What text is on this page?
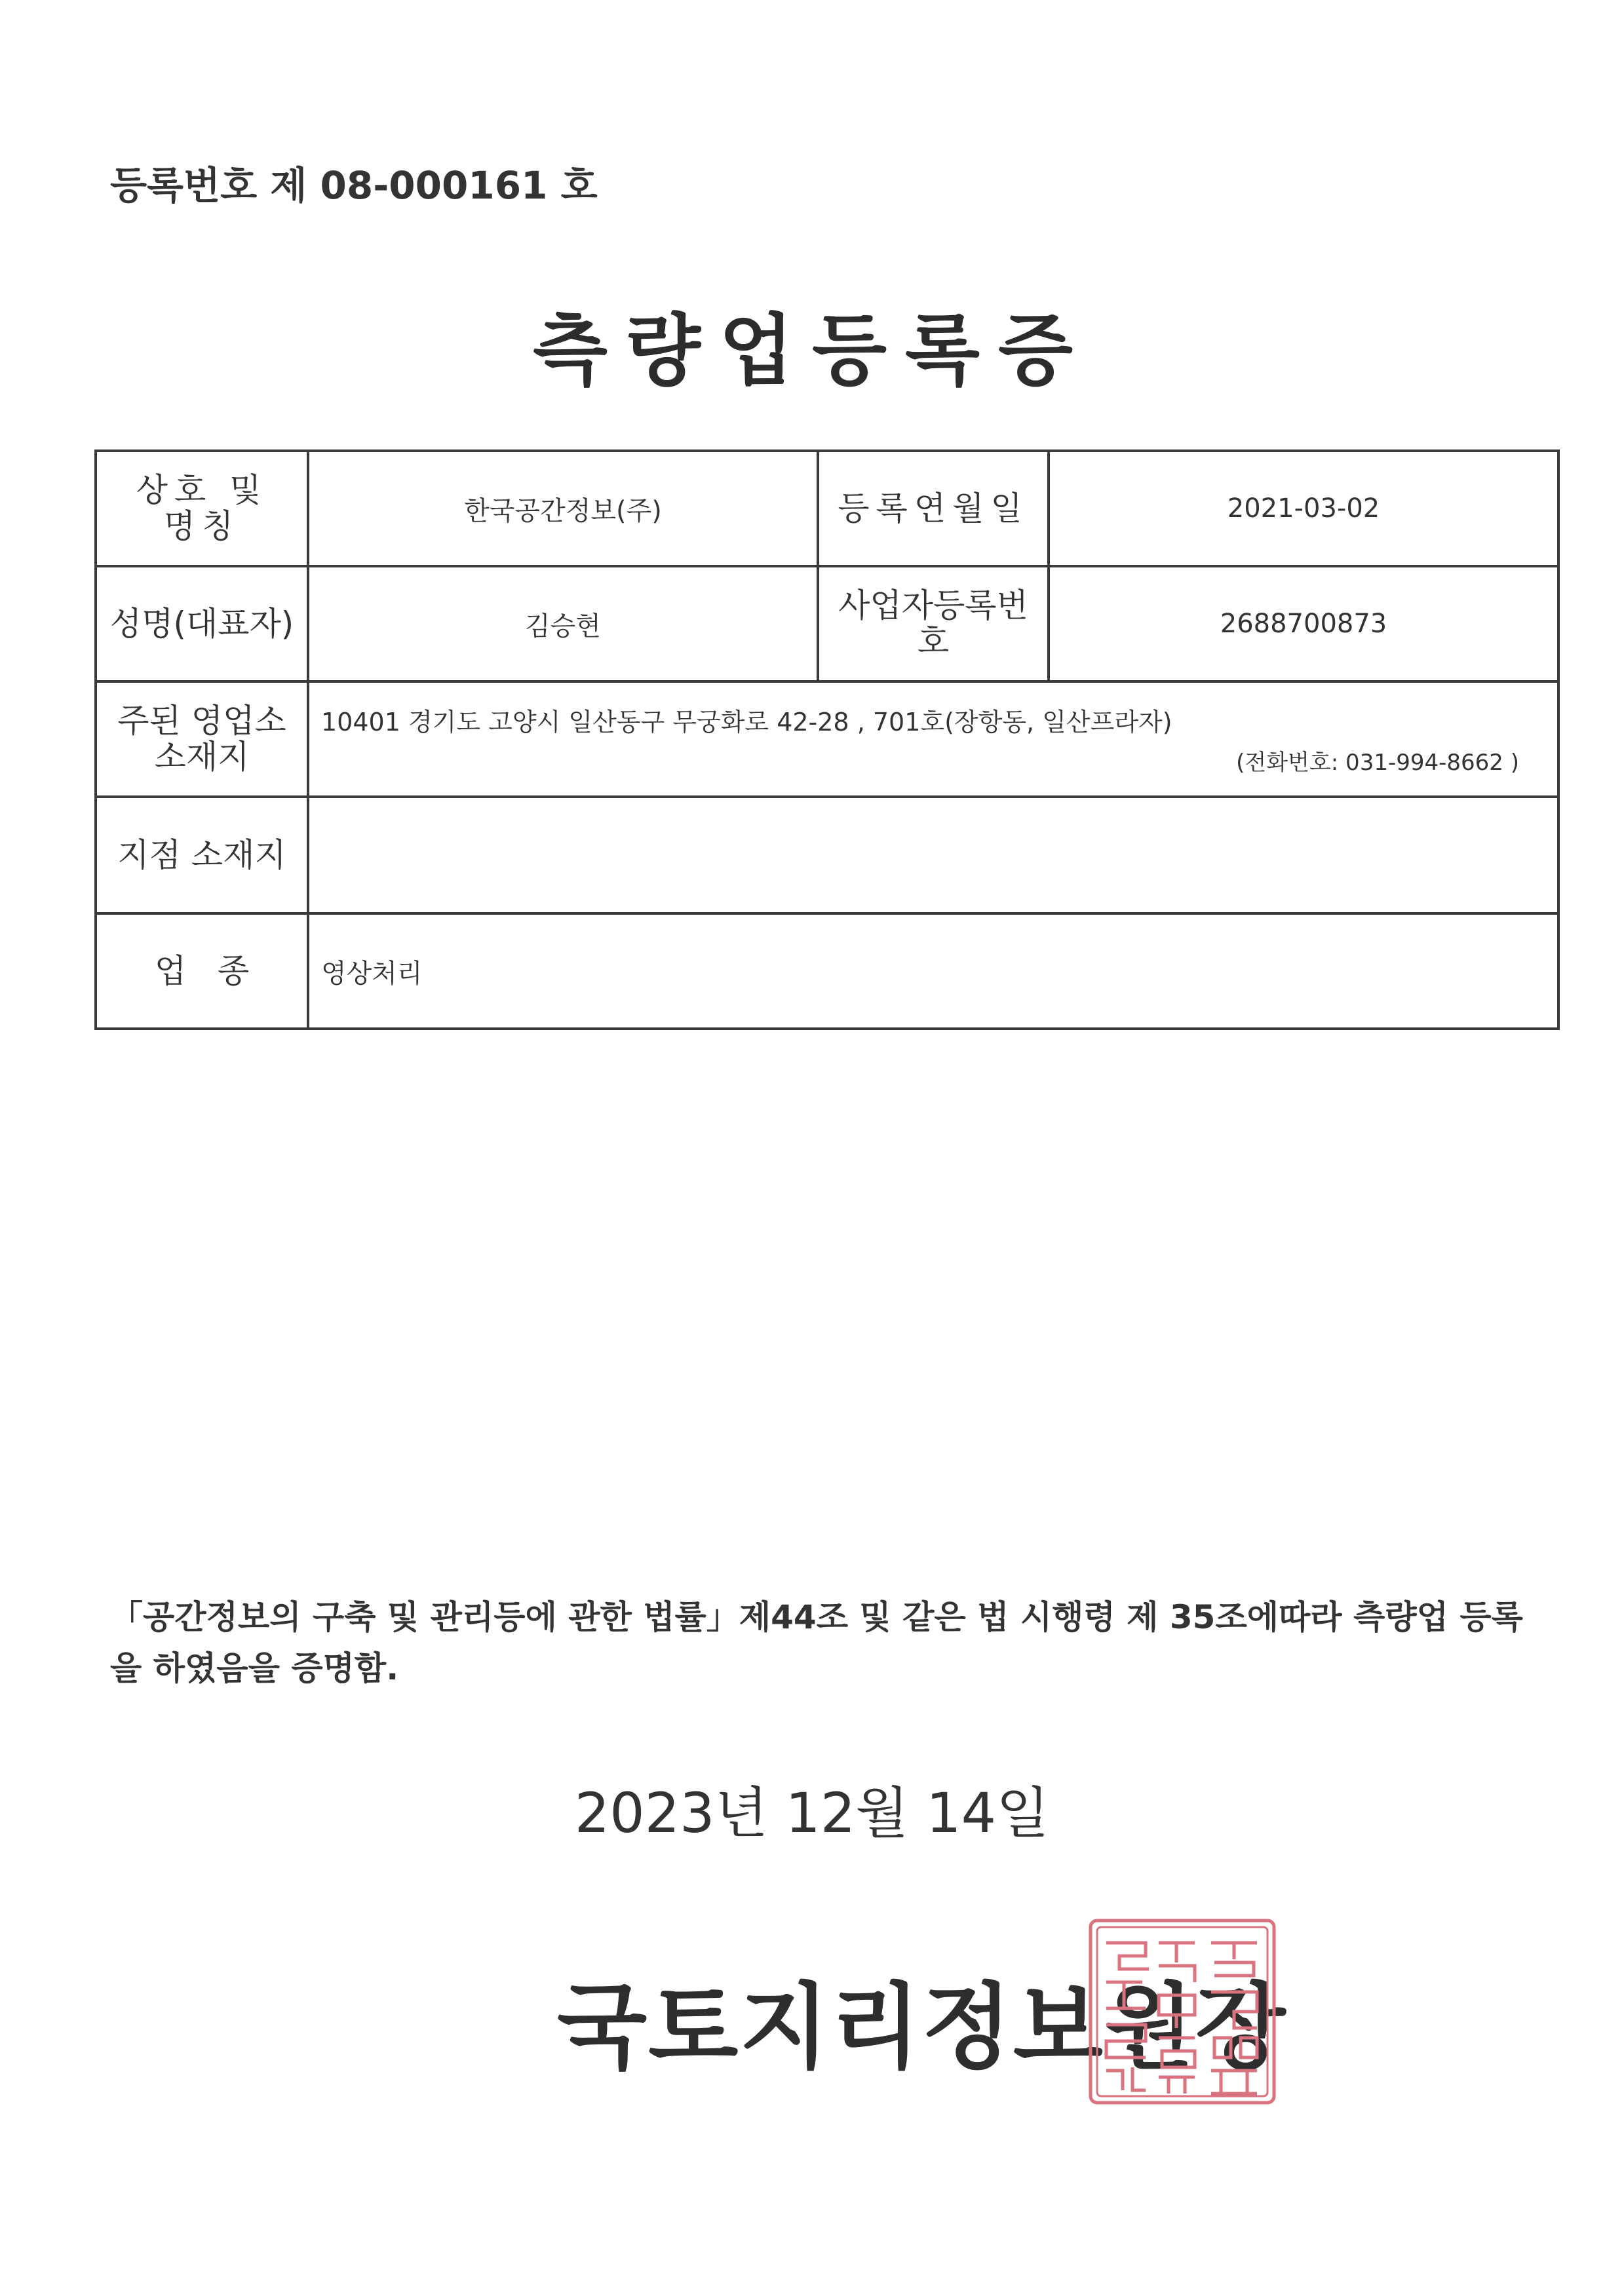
등록번호 제 08-000161 호
측량업등록증
상호 및 명칭	한국공간정보(주)	등록연월일	2021-03-02
성명(대표자)	김승현	사업자등록번호	2688700873
주된 영업소 소재지	10401 경기도 고양시 일산동구 무궁화로 42-28 , 701호(장항동, 일산프라자)
(전화번호: 031-994-8662 )		

지점 소재지			
업   종	영상처리		
「공간정보의 구축 및 관리등에 관한 법률」제44조 및 같은 법 시행령 제 35조에따라 측량업 등록을 하였음을 증명함.
2023년 12월 14일
국토지리정보원장
